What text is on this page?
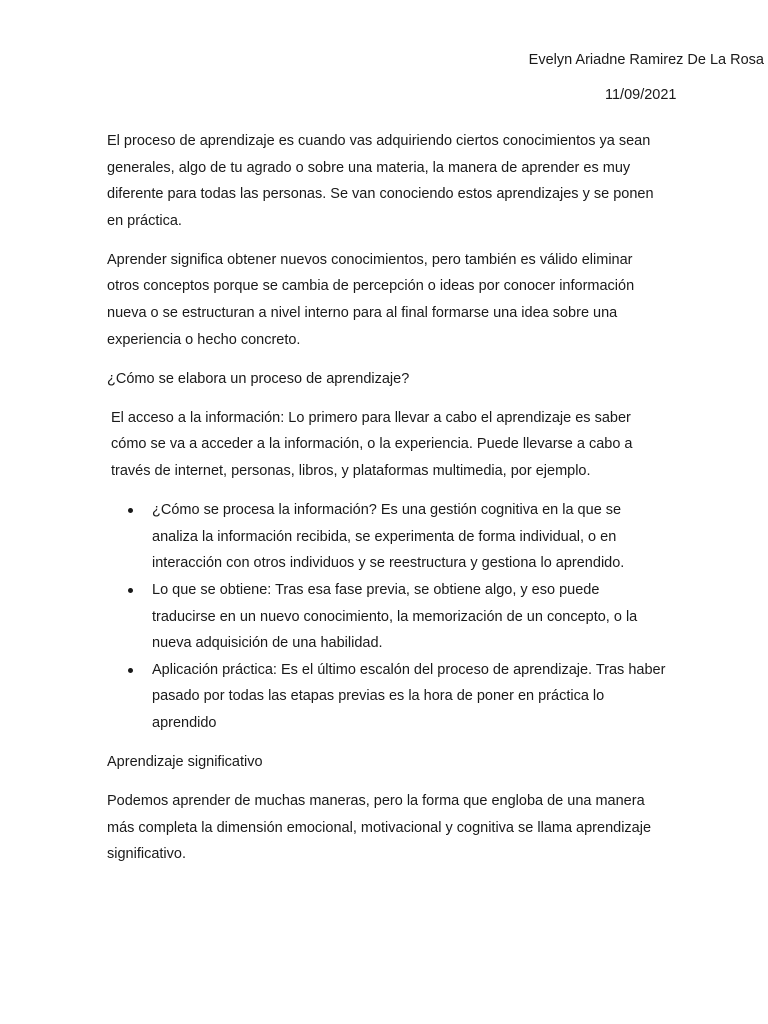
Evelyn Ariadne Ramirez De La Rosa
11/09/2021

El proceso de aprendizaje es cuando vas adquiriendo ciertos conocimientos ya sean generales, algo de tu agrado o sobre una materia, la manera de aprender es muy diferente para todas las personas. Se van conociendo estos aprendizajes y se ponen en práctica.

Aprender significa obtener nuevos conocimientos, pero también es válido eliminar otros conceptos porque se cambia de percepción o ideas por conocer información nueva o se estructuran a nivel interno para al final formarse una idea sobre una experiencia o hecho concreto.

¿Cómo se elabora un proceso de aprendizaje?

El acceso a la información: Lo primero para llevar a cabo el aprendizaje es saber cómo se va a acceder a la información, o la experiencia. Puede llevarse a cabo a través de internet, personas, libros, y plataformas multimedia, por ejemplo.

¿Cómo se procesa la información? Es una gestión cognitiva en la que se analiza la información recibida, se experimenta de forma individual, o en interacción con otros individuos y se reestructura y gestiona lo aprendido.
Lo que se obtiene: Tras esa fase previa, se obtiene algo, y eso puede traducirse en un nuevo conocimiento, la memorización de un concepto, o la nueva adquisición de una habilidad.
Aplicación práctica: Es el último escalón del proceso de aprendizaje. Tras haber pasado por todas las etapas previas es la hora de poner en práctica lo aprendido

Aprendizaje significativo

Podemos aprender de muchas maneras, pero la forma que engloba de una manera más completa la dimensión emocional, motivacional y cognitiva se llama aprendizaje significativo.
